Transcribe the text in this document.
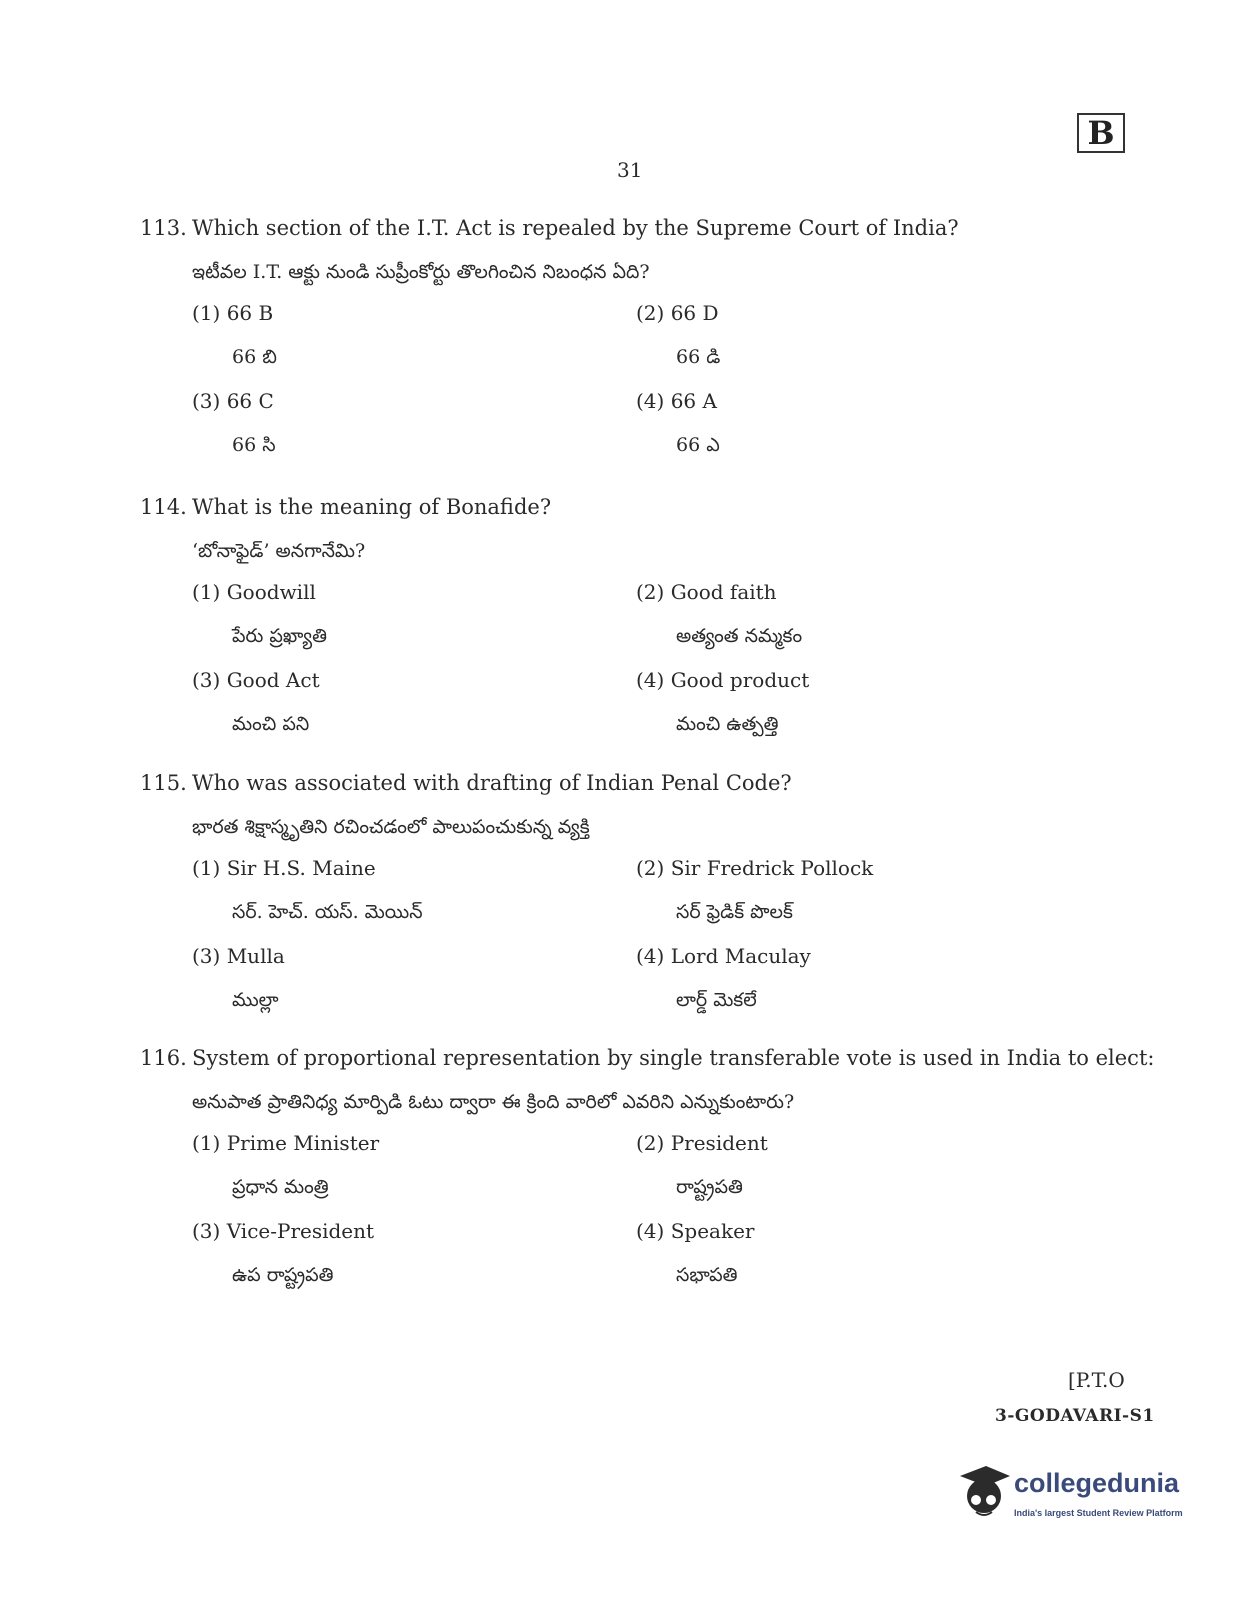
B
31
113. Which section of the I.T. Act is repealed by the Supreme Court of India?
ఇటీవల I.T. ఆక్టు నుండి సుప్రీంకోర్టు తొలగించిన నిబంధన ఏది?
(1) 66 B
66 బి
(2) 66 D
66 డి
(3) 66 C
66 సి
(4) 66 A
66 ఎ
114. What is the meaning of Bonafide?
‘బోనాఫైడ్’ అనగానేమి?
(1) Goodwill
పేరు ప్రఖ్యాతి
(2) Good faith
అత్యంత నమ్మకం
(3) Good Act
మంచి పని
(4) Good product
మంచి ఉత్పత్తి
115. Who was associated with drafting of Indian Penal Code?
భారత శిక్షాస్మృతిని రచించడంలో పాలుపంచుకున్న వ్యక్తి
(1) Sir H.S. Maine
సర్. హెచ్. యస్. మెయిన్
(2) Sir Fredrick Pollock
సర్ ఫ్రెడిక్ పొలక్
(3) Mulla
ముల్లా
(4) Lord Maculay
లార్డ్ మెకలే
116. System of proportional representation by single transferable vote is used in India to elect:
అనుపాత ప్రాతినిధ్య మార్పిడి ఓటు ద్వారా ఈ క్రింది వారిలో ఎవరిని ఎన్నుకుంటారు?
(1) Prime Minister
ప్రధాన మంత్రి
(2) President
రాష్ట్రపతి
(3) Vice-President
ఉప రాష్ట్రపతి
(4) Speaker
సభాపతి
[P.T.O
3-GODAVARI-S1
collegedunia
India's largest Student Review Platform
